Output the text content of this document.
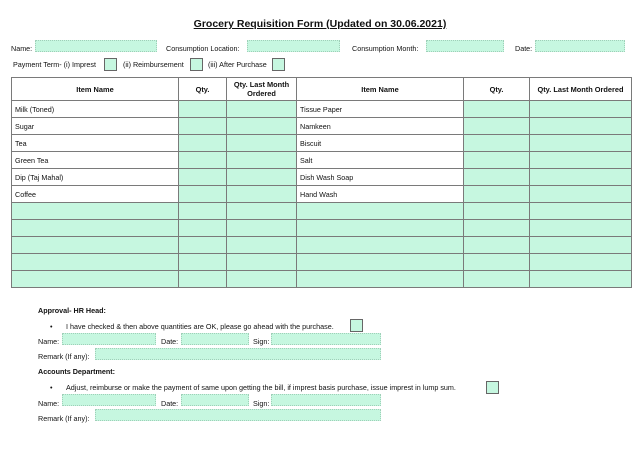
Grocery Requisition Form (Updated on 30.06.2021)
Name:	Consumption Location:	Consumption Month:	Date:
Payment Term- (i) Imprest	(ii) Reimbursement	(iii) After Purchase
Item Name	Qty.	Qty. Last Month Ordered	Item Name	Qty.	Qty. Last Month Ordered
Milk (Toned)			Tissue Paper		
Sugar			Namkeen		
Tea			Biscuit		
Green Tea			Salt		
Dip (Taj Mahal)			Dish Wash Soap		
Coffee			Hand Wash		

Approval- HR Head:
• I have checked & then above quantities are OK, please go ahead with the purchase.
Name:	Date:	Sign:
Remark (If any):
Accounts Department:
• Adjust, reimburse or make the payment of same upon getting the bill, if imprest basis purchase, issue imprest in lump sum.
Name:	Date:	Sign:
Remark (If any):
